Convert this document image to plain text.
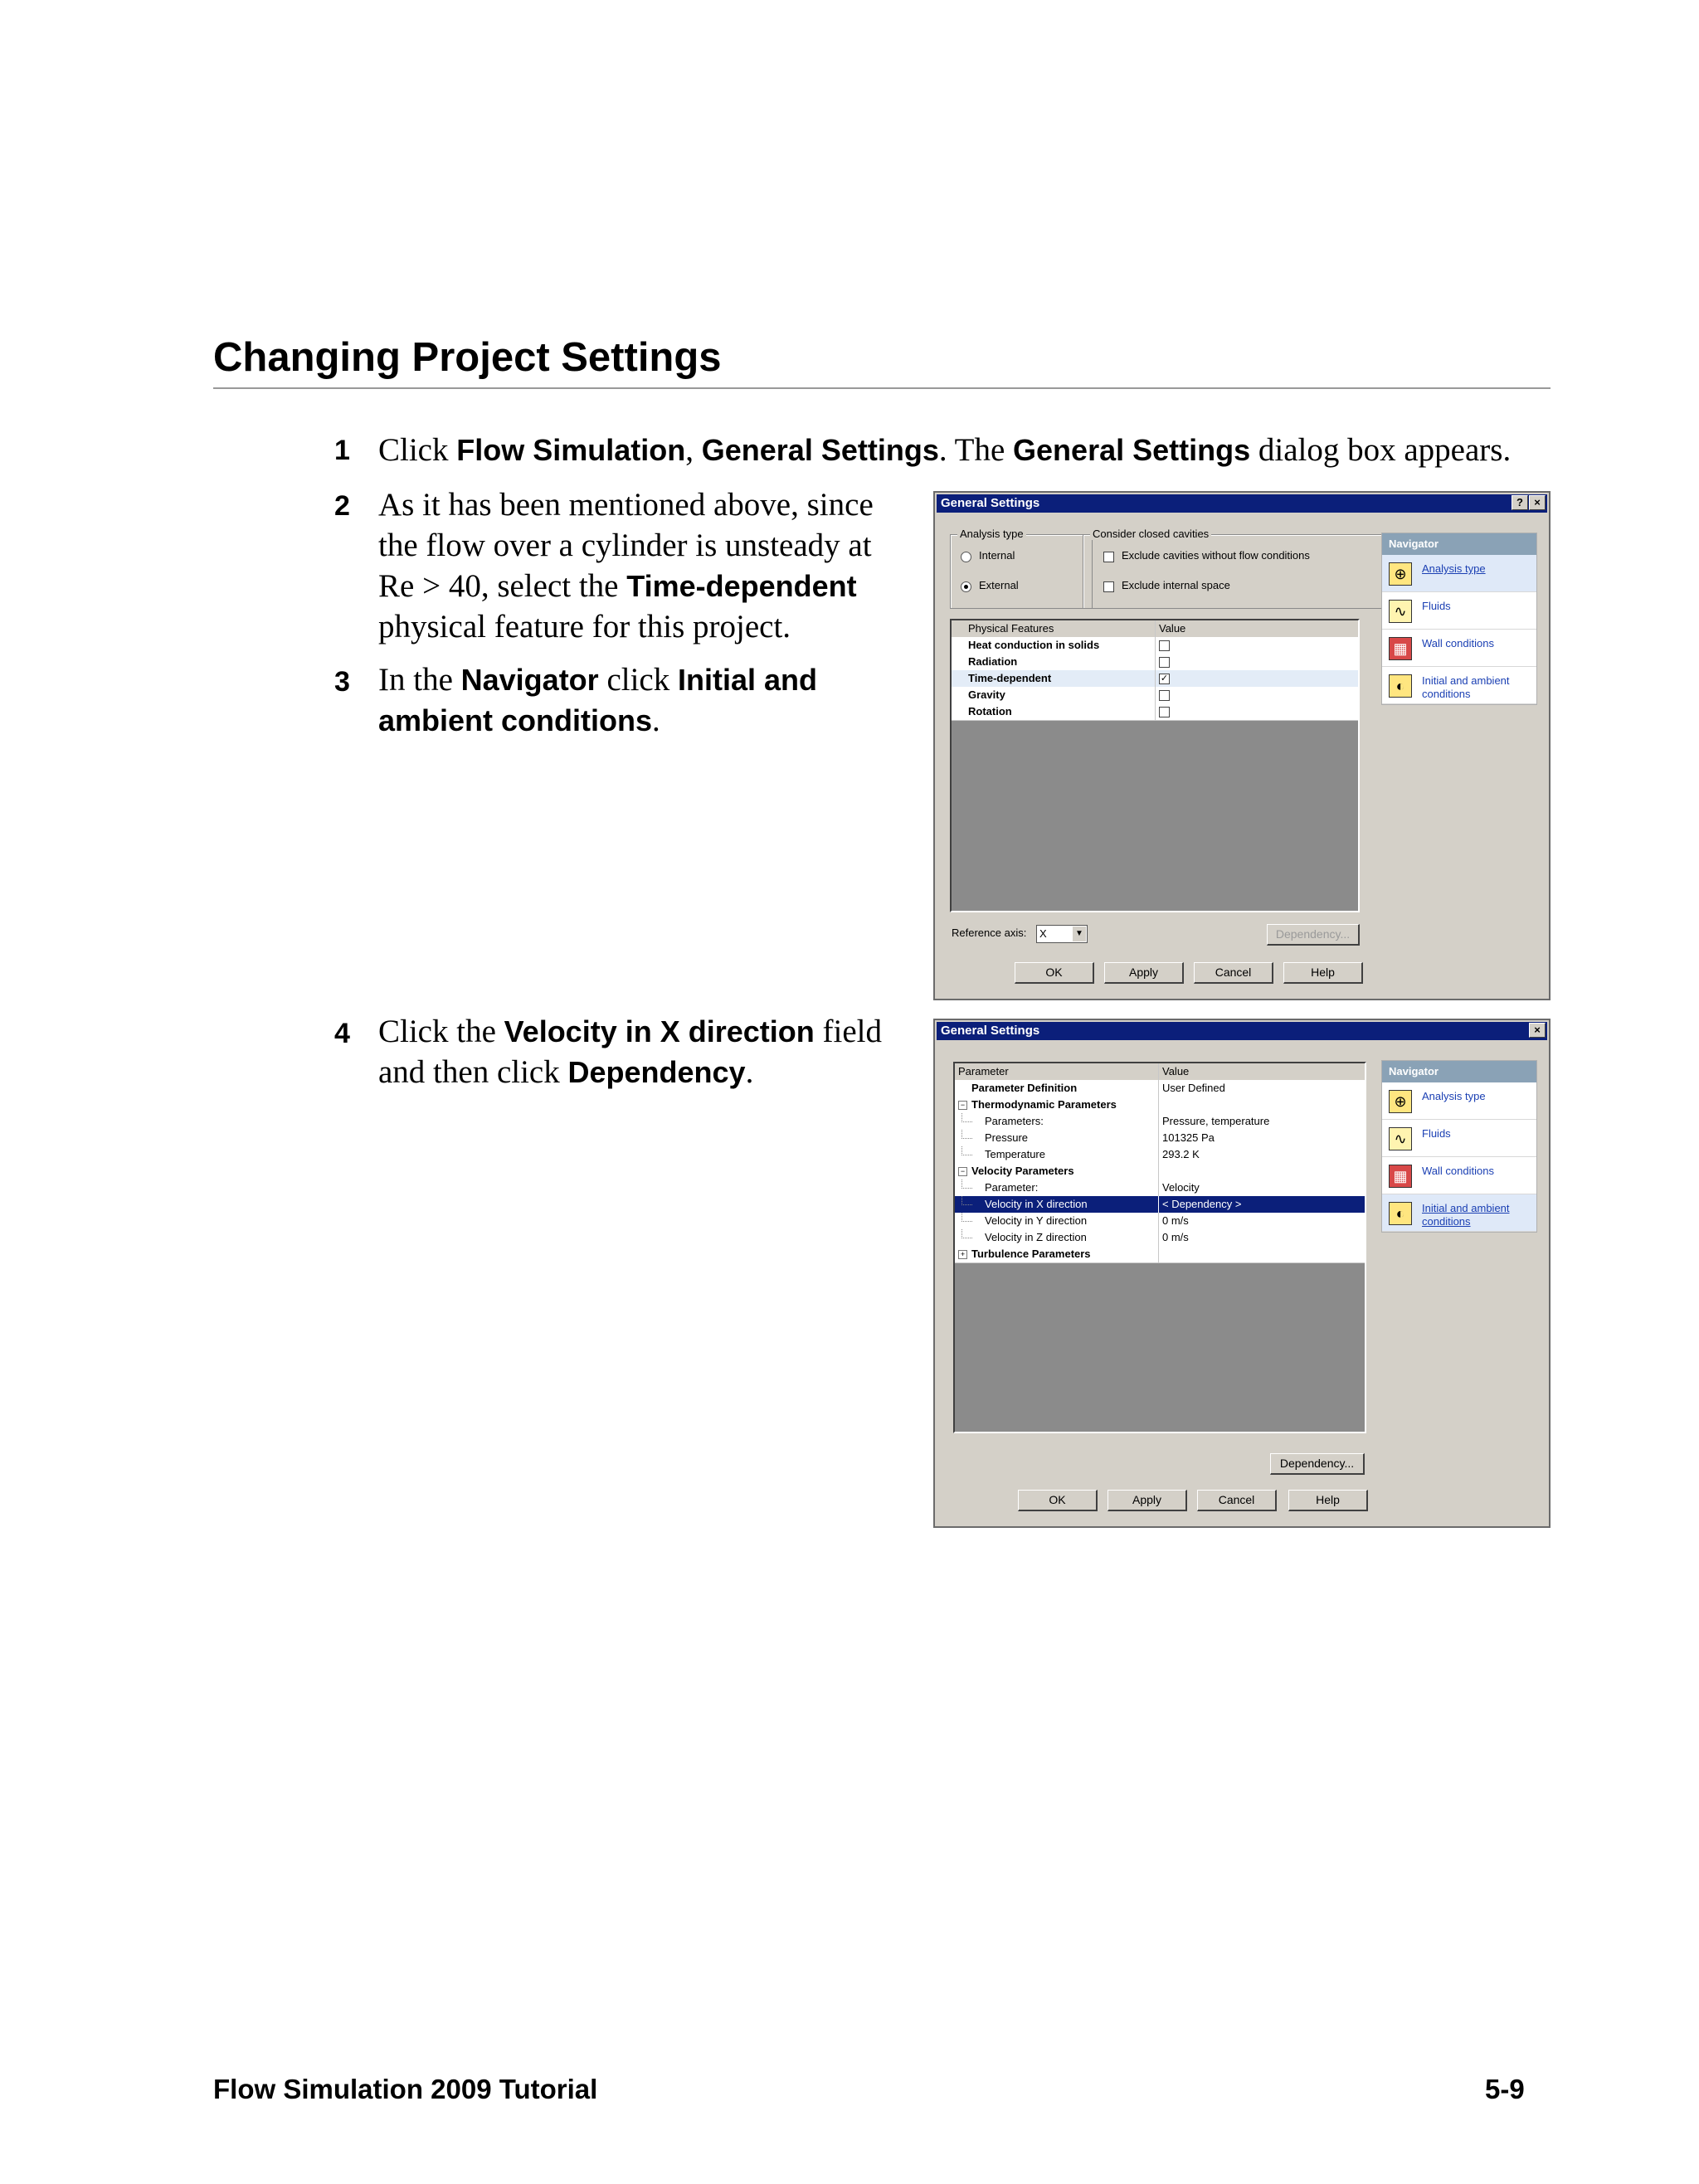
Changing Project Settings
1 Click Flow Simulation, General Settings. The General Settings dialog box appears.
2 As it has been mentioned above, since
the flow over a cylinder is unsteady at
Re > 40, select the Time-dependent
physical feature for this project.
3 In the Navigator click Initial and
ambient conditions.
4 Click the Velocity in X direction field
and then click Dependency.
General Settings	?	×
Analysis type
Internal
External
Consider closed cavities
Exclude cavities without flow conditions
Exclude internal space
Physical Features	Value
Heat conduction in solids
Radiation
Time-dependent	✓
Gravity
Rotation
Reference axis: X	▼	Dependency...
OK	Apply	Cancel	Help
Navigator
⊕	Analysis type
∿	Fluids
▦	Wall conditions
◐	Initial and ambient conditions
General Settings	×
Parameter	Value
Parameter Definition	User Defined
− Thermodynamic Parameters
Parameters:	Pressure, temperature
Pressure	101325 Pa
Temperature	293.2 K
− Velocity Parameters
Parameter:	Velocity
Velocity in X direction	< Dependency >
Velocity in Y direction	0 m/s
Velocity in Z direction	0 m/s
+ Turbulence Parameters
Dependency...
OK	Apply	Cancel	Help
Navigator
⊕	Analysis type
∿	Fluids
▦	Wall conditions
◐	Initial and ambient conditions
Flow Simulation 2009 Tutorial	5-9
